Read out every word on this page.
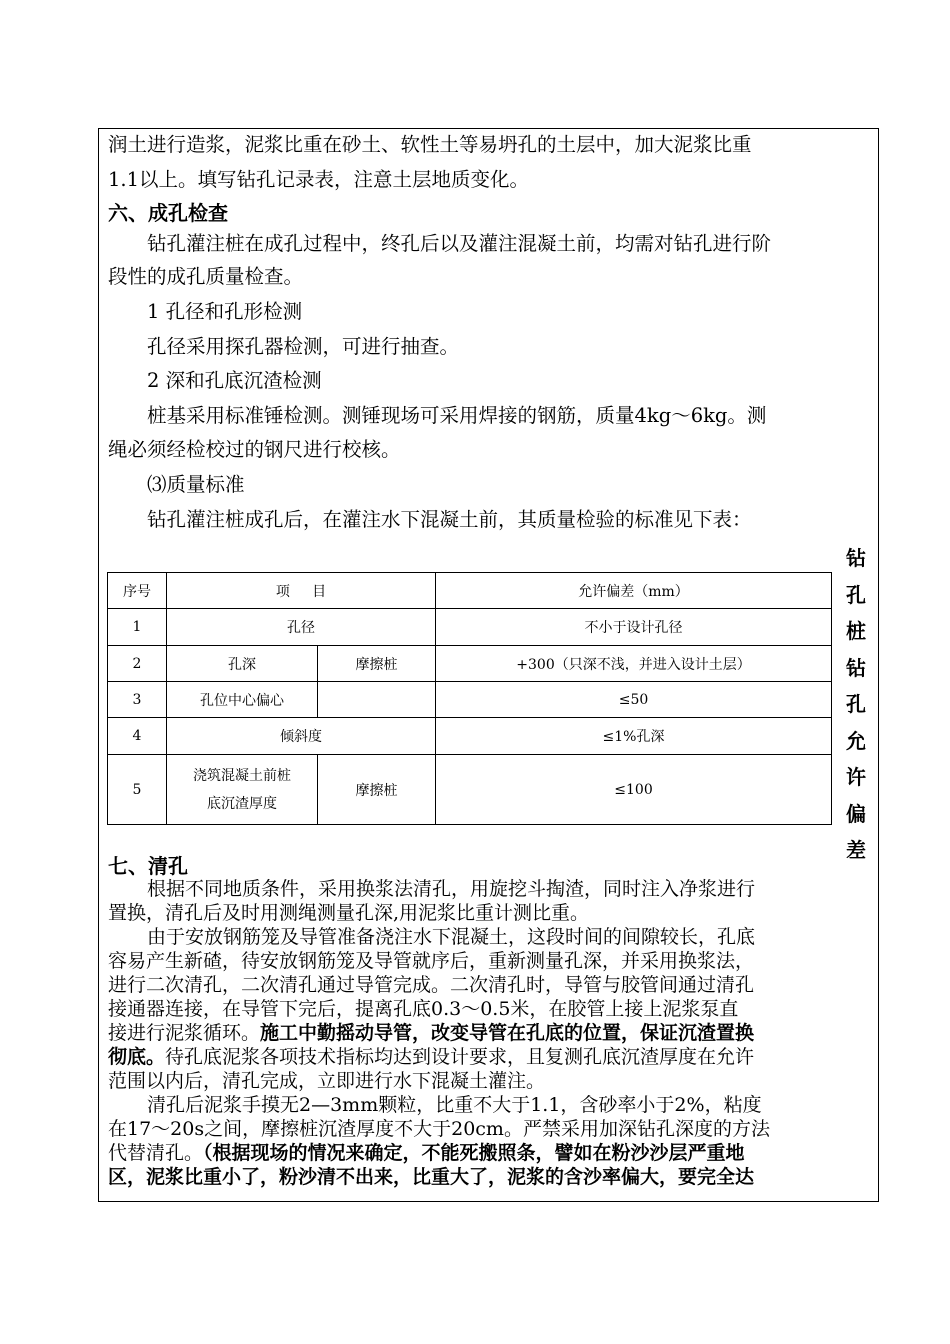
润土进行造浆，泥浆比重在砂土、软性土等易坍孔的土层中，加大泥浆比重
1.1以上。填写钻孔记录表，注意土层地质变化。
六、成孔检查
钻孔灌注桩在成孔过程中，终孔后以及灌注混凝土前，均需对钻孔进行阶
段性的成孔质量检查。
1 孔径和孔形检测
孔径采用探孔器检测，可进行抽查。
2 深和孔底沉渣检测
桩基采用标准锤检测。测锤现场可采用焊接的钢筋，质量4kg～6kg。测
绳必须经检校过的钢尺进行校核。
⑶质量标准
钻孔灌注桩成孔后，在灌注水下混凝土前，其质量检验的标准见下表：
序号	项     目		允许偏差（mm）
1	孔径		不小于设计孔径
2	孔深	摩擦桩	+300（只深不浅，并进入设计土层）
3	孔位中心偏心		≤50
4	倾斜度		≤1%孔深
5	浇筑混凝土前桩
底沉渣厚度	摩擦桩	≤100
钻
孔
桩
钻
孔
允
许
偏
差
七、清孔
根据不同地质条件，采用换浆法清孔，用旋挖斗掏渣，同时注入净浆进行
置换，清孔后及时用测绳测量孔深,用泥浆比重计测比重。
由于安放钢筋笼及导管准备浇注水下混凝土，这段时间的间隙较长，孔底
容易产生新碴，待安放钢筋笼及导管就序后，重新测量孔深，并采用换浆法，
进行二次清孔，二次清孔通过导管完成。二次清孔时，导管与胶管间通过清孔
接通器连接，在导管下完后，提离孔底0.3～0.5米，在胶管上接上泥浆泵直
接进行泥浆循环。施工中勤摇动导管，改变导管在孔底的位置，保证沉渣置换
彻底。待孔底泥浆各项技术指标均达到设计要求，且复测孔底沉渣厚度在允许
范围以内后，清孔完成，立即进行水下混凝土灌注。
清孔后泥浆手摸无2—3mm颗粒，比重不大于1.1，含砂率小于2%，粘度
在17～20s之间，摩擦桩沉渣厚度不大于20cm。严禁采用加深钻孔深度的方法
代替清孔。（根据现场的情况来确定，不能死搬照条，譬如在粉沙沙层严重地
区，泥浆比重小了，粉沙清不出来，比重大了，泥浆的含沙率偏大，要完全达
